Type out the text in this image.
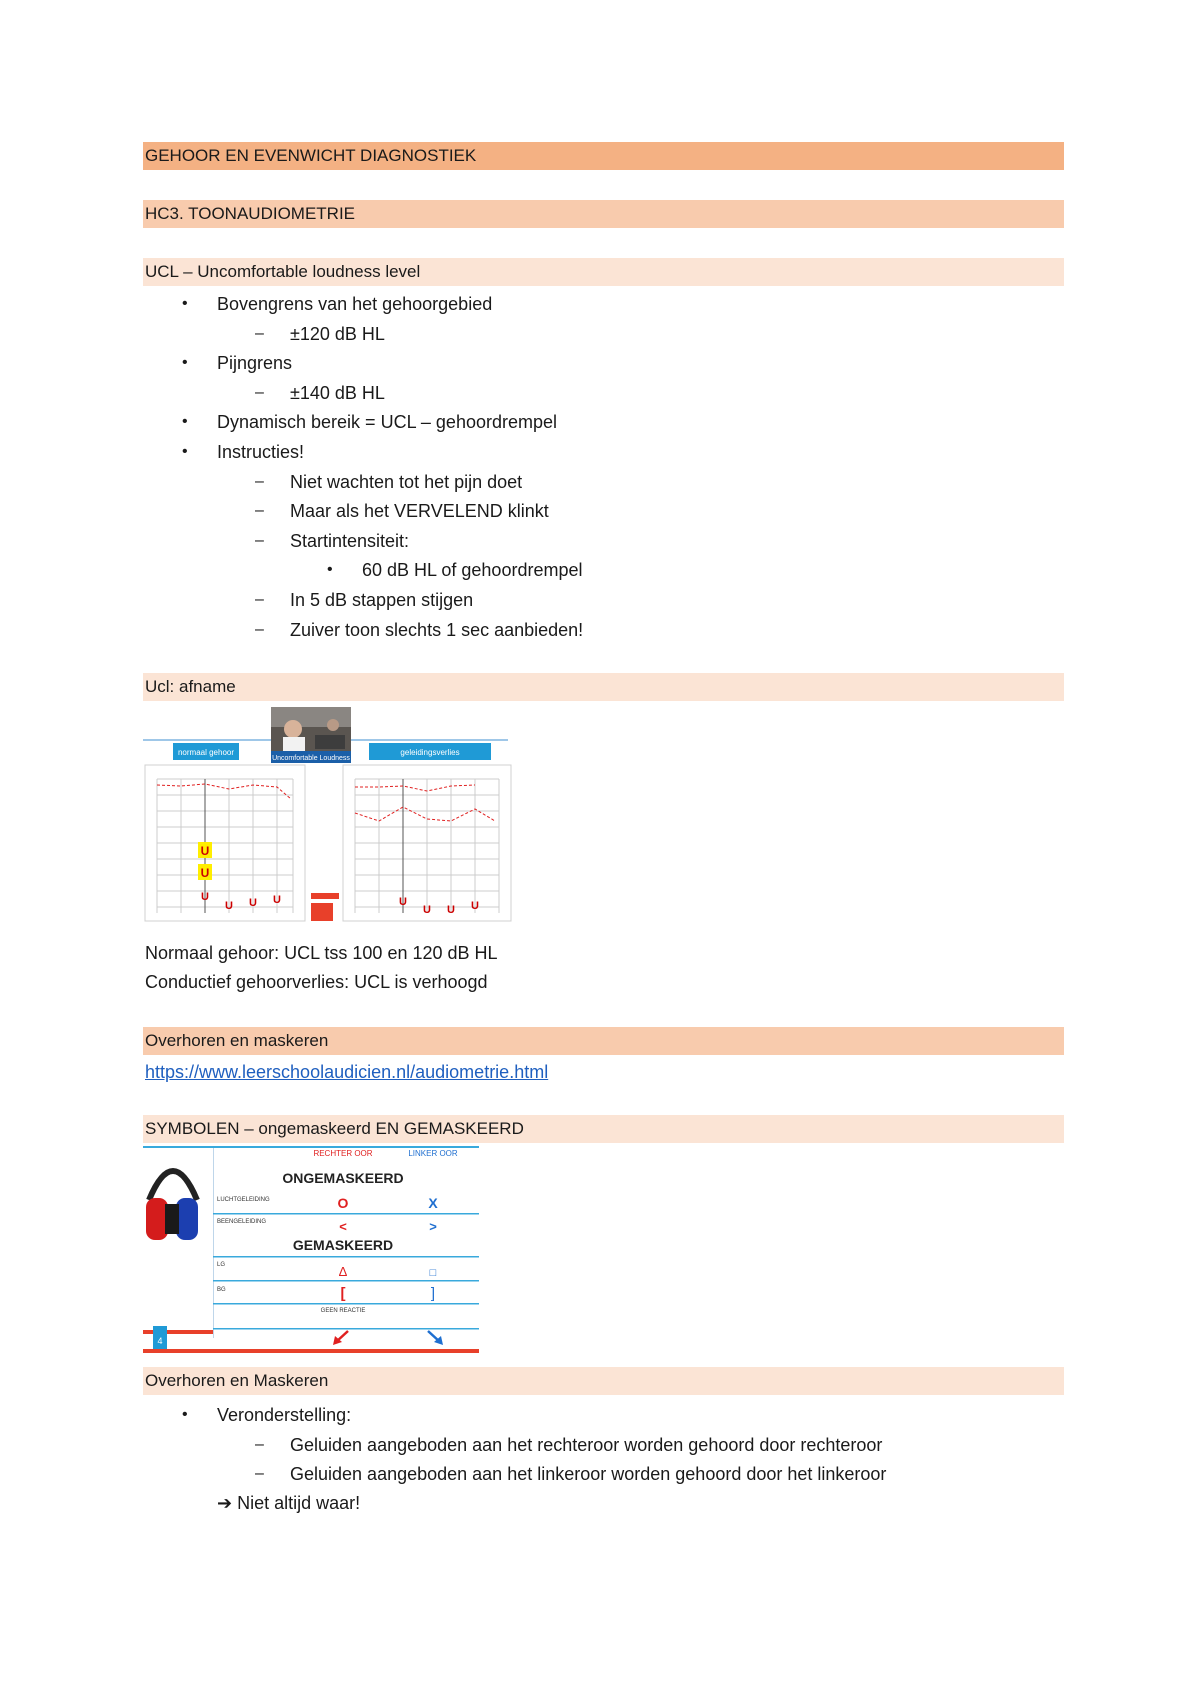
GEHOOR EN EVENWICHT DIAGNOSTIEK
HC3. TOONAUDIOMETRIE
UCL – Uncomfortable loudness level
• Bovengrens van het gehoorgebied
– ±120 dB HL
• Pijngrens
– ±140 dB HL
• Dynamisch bereik = UCL – gehoordrempel
• Instructies!
– Niet wachten tot het pijn doet
– Maar als het VERVELEND klinkt
– Startintensiteit:
• 60 dB HL of gehoordrempel
– In 5 dB stappen stijgen
– Zuiver toon slechts 1 sec aanbieden!
Ucl: afname
normaal gehoor	geleidingsverlies
Uncomfortable Loudness
U
U
U
U U U	U
U U U
Normaal gehoor: UCL tss 100 en 120 dB HL
Conductief gehoorverlies: UCL is verhoogd
Overhoren en maskeren
https://www.leerschoolaudicien.nl/audiometrie.html
SYMBOLEN – ongemaskeerd EN GEMASKEERD
RECHTER OOR	LINKER OOR
ONGEMASKEERD
LUCHTGELEIDING	O	X
BEENGELEIDING	<	>
GEMASKEERD
LG	Δ	□
BG	[	]
GEEN REACTIE
4
Overhoren en Maskeren
• Veronderstelling:
– Geluiden aangeboden aan het rechteroor worden gehoord door rechteroor
– Geluiden aangeboden aan het linkeroor worden gehoord door het linkeroor
➔ Niet altijd waar!
